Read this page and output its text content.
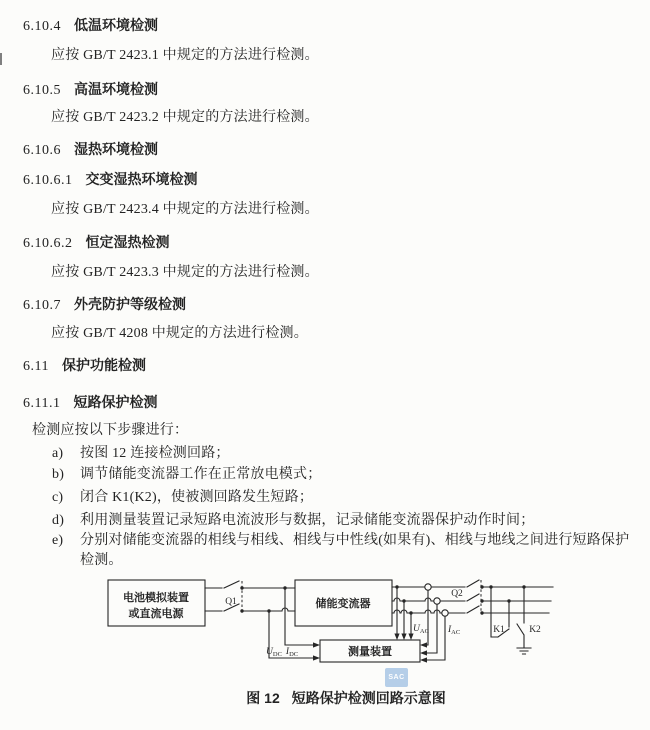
6.10.4 低温环境检测
应按 GB/T 2423.1 中规定的方法进行检测。
6.10.5 高温环境检测
应按 GB/T 2423.2 中规定的方法进行检测。
6.10.6 湿热环境检测
6.10.6.1 交变湿热环境检测
应按 GB/T 2423.4 中规定的方法进行检测。
6.10.6.2 恒定湿热检测
应按 GB/T 2423.3 中规定的方法进行检测。
6.10.7 外壳防护等级检测
应按 GB/T 4208 中规定的方法进行检测。
6.11 保护功能检测
6.11.1 短路保护检测
检测应按以下步骤进行：
a) 按图 12 连接检测回路；
b) 调节储能变流器工作在正常放电模式；
c) 闭合 K1(K2)，使被测回路发生短路；
d) 利用测量装置记录短路电流波形与数据，记录储能变流器保护动作时间；
e) 分别对储能变流器的相线与相线、相线与中性线(如果有)、相线与地线之间进行短路保护
检测。
电池模拟装置
或直流电源
储能变流器
测量装置
Q1
Q2
K1	K2
$U_{DC}$ $I_{DC}$
$U_{AC}$ $I_{AC}$
SAC
图 12 短路保护检测回路示意图
